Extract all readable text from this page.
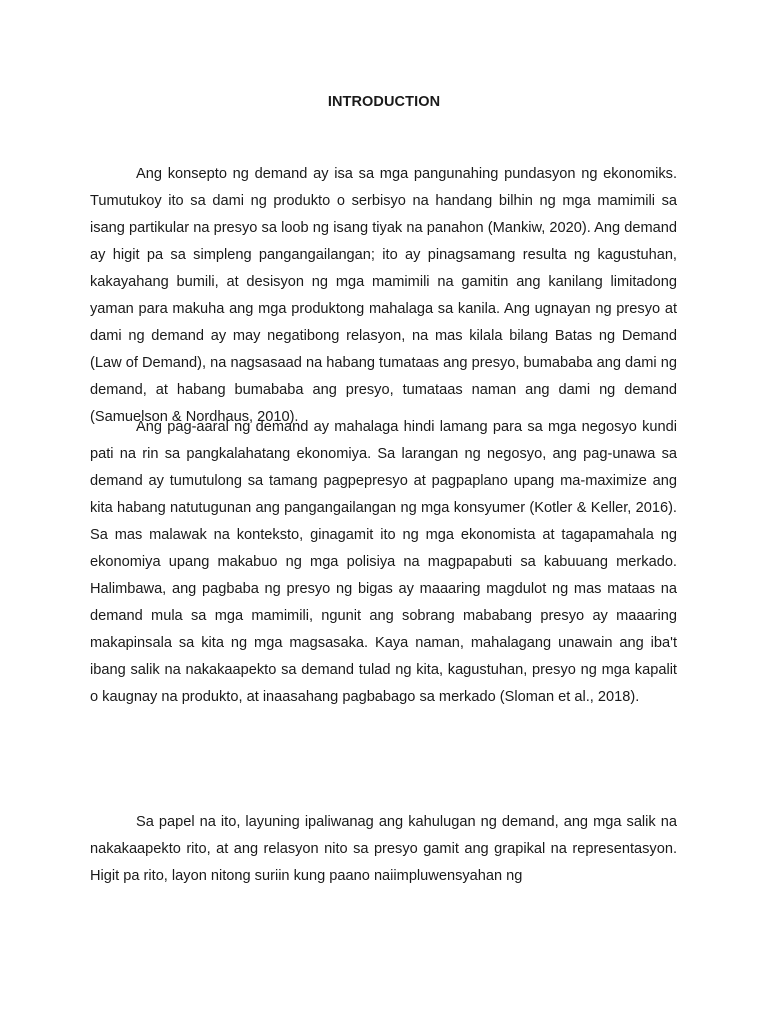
INTRODUCTION

Ang konsepto ng demand ay isa sa mga pangunahing pundasyon ng ekonomiks. Tumutukoy ito sa dami ng produkto o serbisyo na handang bilhin ng mga mamimili sa isang partikular na presyo sa loob ng isang tiyak na panahon (Mankiw, 2020). Ang demand ay higit pa sa simpleng pangangailangan; ito ay pinagsamang resulta ng kagustuhan, kakayahang bumili, at desisyon ng mga mamimili na gamitin ang kanilang limitadong yaman para makuha ang mga produktong mahalaga sa kanila. Ang ugnayan ng presyo at dami ng demand ay may negatibong relasyon, na mas kilala bilang Batas ng Demand (Law of Demand), na nagsasaad na habang tumataas ang presyo, bumababa ang dami ng demand, at habang bumababa ang presyo, tumataas naman ang dami ng demand (Samuelson & Nordhaus, 2010).

Ang pag-aaral ng demand ay mahalaga hindi lamang para sa mga negosyo kundi pati na rin sa pangkalahatang ekonomiya. Sa larangan ng negosyo, ang pag-unawa sa demand ay tumutulong sa tamang pagpepresyo at pagpaplano upang ma-maximize ang kita habang natutugunan ang pangangailangan ng mga konsyumer (Kotler & Keller, 2016). Sa mas malawak na konteksto, ginagamit ito ng mga ekonomista at tagapamahala ng ekonomiya upang makabuo ng mga polisiya na magpapabuti sa kabuuang merkado. Halimbawa, ang pagbaba ng presyo ng bigas ay maaaring magdulot ng mas mataas na demand mula sa mga mamimili, ngunit ang sobrang mababang presyo ay maaaring makapinsala sa kita ng mga magsasaka. Kaya naman, mahalagang unawain ang iba't ibang salik na nakakaapekto sa demand tulad ng kita, kagustuhan, presyo ng mga kapalit o kaugnay na produkto, at inaasahang pagbabago sa merkado (Sloman et al., 2018).

Sa papel na ito, layuning ipaliwanag ang kahulugan ng demand, ang mga salik na nakakaapekto rito, at ang relasyon nito sa presyo gamit ang grapikal na representasyon. Higit pa rito, layon nitong suriin kung paano naiimpluwensyahan ng
